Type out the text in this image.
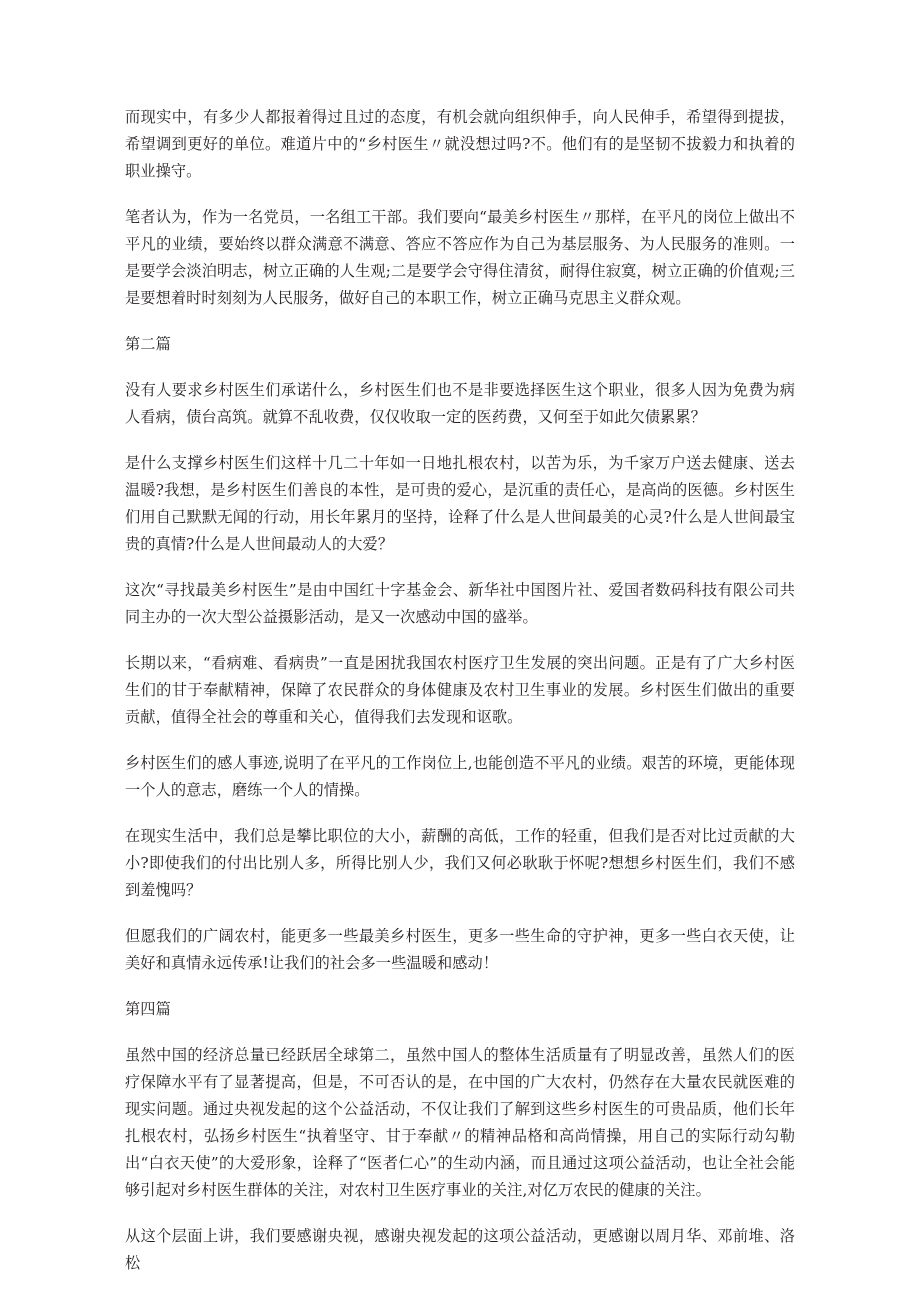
而现实中，有多少人都报着得过且过的态度，有机会就向组织伸手，向人民伸手，希望得到提拔，希望调到更好的单位。难道片中的“乡村医生〃就没想过吗?不。他们有的是坚韧不拔毅力和执着的职业操守。

笔者认为，作为一名党员，一名组工干部。我们要向“最美乡村医生〃那样，在平凡的岗位上做出不平凡的业绩，要始终以群众满意不满意、答应不答应作为自己为基层服务、为人民服务的准则。一是要学会淡泊明志，树立正确的人生观;二是要学会守得住清贫，耐得住寂寞，树立正确的价值观;三是要想着时时刻刻为人民服务，做好自己的本职工作，树立正确马克思主义群众观。

第二篇

没有人要求乡村医生们承诺什么，乡村医生们也不是非要选择医生这个职业，很多人因为免费为病人看病，债台高筑。就算不乱收费，仅仅收取一定的医药费，又何至于如此欠债累累？

是什么支撑乡村医生们这样十几二十年如一日地扎根农村，以苦为乐，为千家万户送去健康、送去温暖?我想，是乡村医生们善良的本性，是可贵的爱心，是沉重的责任心，是高尚的医德。乡村医生们用自己默默无闻的行动，用长年累月的坚持，诠释了什么是人世间最美的心灵?什么是人世间最宝贵的真情?什么是人世间最动人的大爱？

这次“寻找最美乡村医生”是由中国红十字基金会、新华社中国图片社、爱国者数码科技有限公司共同主办的一次大型公益摄影活动，是又一次感动中国的盛举。

长期以来，“看病难、看病贵”一直是困扰我国农村医疗卫生发展的突出问题。正是有了广大乡村医生们的甘于奉献精神，保障了农民群众的身体健康及农村卫生事业的发展。乡村医生们做出的重要贡献，值得全社会的尊重和关心，值得我们去发现和讴歌。

乡村医生们的感人事迹,说明了在平凡的工作岗位上,也能创造不平凡的业绩。艰苦的环境，更能体现一个人的意志，磨练一个人的情操。

在现实生活中，我们总是攀比职位的大小，薪酬的高低，工作的轻重，但我们是否对比过贡献的大小?即使我们的付出比别人多，所得比别人少，我们又何必耿耿于怀呢?想想乡村医生们，我们不感到羞愧吗？

但愿我们的广阔农村，能更多一些最美乡村医生，更多一些生命的守护神，更多一些白衣天使，让美好和真情永远传承!让我们的社会多一些温暖和感动！

第四篇

虽然中国的经济总量已经跃居全球第二，虽然中国人的整体生活质量有了明显改善，虽然人们的医疗保障水平有了显著提高，但是，不可否认的是，在中国的广大农村，仍然存在大量农民就医难的现实问题。通过央视发起的这个公益活动，不仅让我们了解到这些乡村医生的可贵品质，他们长年扎根农村，弘扬乡村医生“执着坚守、甘于奉献〃的精神品格和高尚情操，用自己的实际行动勾勒出“白衣天使”的大爱形象，诠释了“医者仁心”的生动内涵，而且通过这项公益活动，也让全社会能够引起对乡村医生群体的关注，对农村卫生医疗事业的关注,对亿万农民的健康的关注。

从这个层面上讲，我们要感谢央视，感谢央视发起的这项公益活动，更感谢以周月华、邓前堆、洛松
